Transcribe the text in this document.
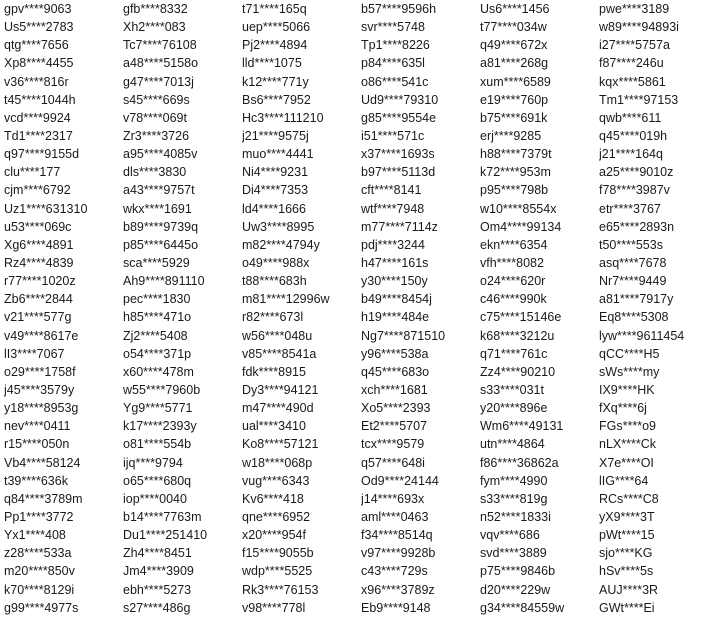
gpv****9063	gfb****8332	t71****165q	b57****9596h	Us6****1456	pwe****3189
Us5****2783	Xh2****083	uep****5066	svr****5748	t77****034w	w89****94893i
qtg****7656	Tc7****76108	Pj2****4894	Tp1****8226	q49****672x	i27****5757a
Xp8****4455	a48****5158o	lld****1075	p84****635l	a81****268g	f87****246u
v36****816r	g47****7013j	k12****771y	o86****541c	xum****6589	kqx****5861
t45****1044h	s45****669s	Bs6****7952	Ud9****79310	e19****760p	Tm1****97153
vcd****9924	v78****069t	Hc3****111210	g85****9554e	b75****691k	qwb****611
Td1****2317	Zr3****3726	j21****9575j	i51****571c	erj****9285	q45****019h
q97****9155d	a95****4085v	muo****4441	x37****1693s	h88****7379t	j21****164q
clu****177	dls****3830	Ni4****9231	b97****5113d	k72****953m	a25****9010z
cjm****6792	a43****9757t	Di4****7353	cft****8141	p95****798b	f78****3987v
Uz1****631310	wkx****1691	ld4****1666	wtf****7948	w10****8554x	etr****3767
u53****069c	b89****9739q	Uw3****8995	m77****7114z	Om4****99134	e65****2893n
Xg6****4891	p85****6445o	m82****4794y	pdj****3244	ekn****6354	t50****553s
Rz4****4839	sca****5929	o49****988x	h47****161s	vfh****8082	asq****7678
r77****1020z	Ah9****891110	t88****683h	y30****150y	o24****620r	Nr7****9449
Zb6****2844	pec****1830	m81****12996w	b49****8454j	c46****990k	a81****7917y
v21****577g	h85****471o	r82****673l	h19****484e	c75****15146e	Eq8****5308
v49****8617e	Zj2****5408	w56****048u	Ng7****871510	k68****3212u	lyw****9611454
lI3****7067	o54****371p	v85****8541a	y96****538a	q71****761c	qCC****H5
o29****1758f	x60****478m	fdk****8915	q45****683o	Zz4****90210	sWs****my
j45****3579y	w55****7960b	Dy3****94121	xch****1681	s33****031t	IX9****HK
y18****8953g	Yg9****5771	m47****490d	Xo5****2393	y20****896e	fXq****6j
nev****0411	k17****2393y	ual****3410	Et2****5707	Wm6****49131	FGs****o9
r15****050n	o81****554b	Ko8****57121	tcx****9579	utn****4864	nLX****Ck
Vb4****58124	ijq****9794	w18****068p	q57****648i	f86****36862a	X7e****OI
t39****636k	o65****680q	vug****6343	Od9****24144	fym****4990	lIG****64
q84****3789m	iop****0040	Kv6****418	j14****693x	s33****819g	RCs****C8
Pp1****3772	b14****7763m	qne****6952	aml****0463	n52****1833i	yX9****3T
Yx1****408	Du1****251410	x20****954f	f34****8514q	vqv****686	pWt****15
z28****533a	Zh4****8451	f15****9055b	v97****9928b	svd****3889	sjo****KG
m20****850v	Jm4****3909	wdp****5525	c43****729s	p75****9846b	hSv****5s
k70****8129i	ebh****5273	Rk3****76153	x96****3789z	d20****229w	AUJ****3R
g99****4977s	s27****486g	v98****778l	Eb9****9148	g34****84559w	GWt****Ei
